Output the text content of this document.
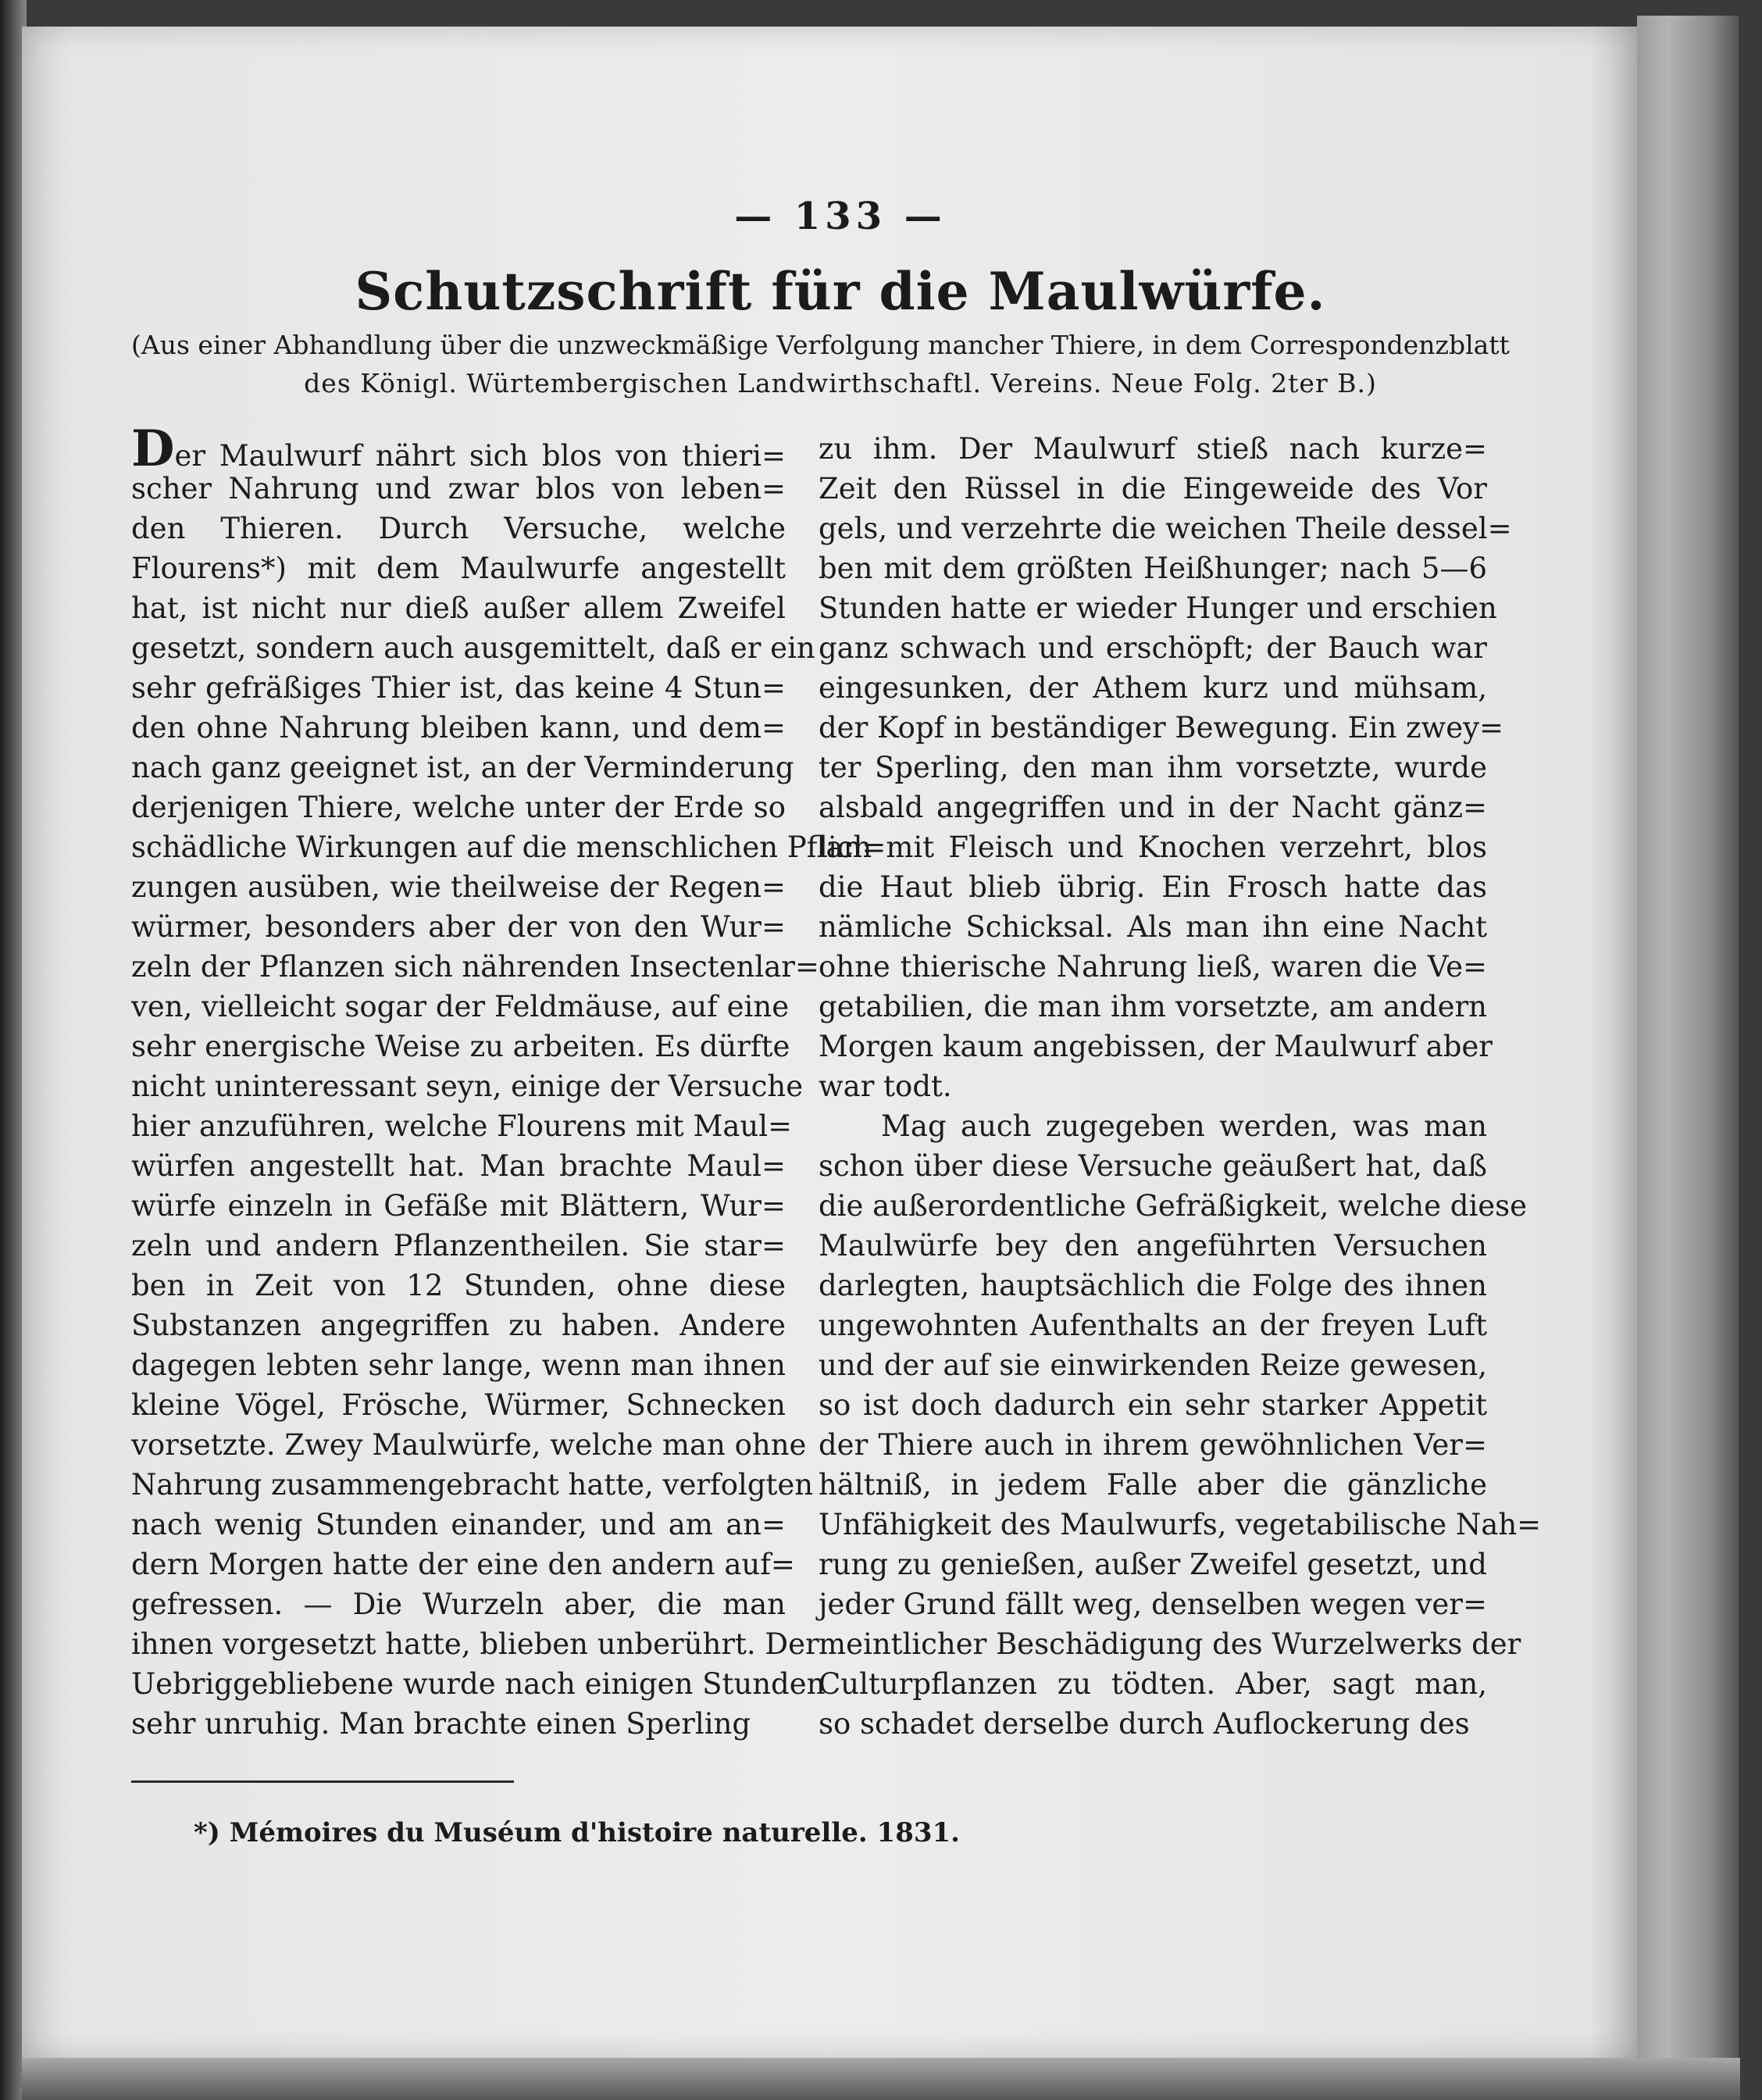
— 133 —

Schutzschrift für die Maulwürfe.

(Aus einer Abhandlung über die unzweckmäßige Verfolgung mancher Thiere, in dem Correspondenzblatt

des Königl. Würtembergischen Landwirthschaftl. Vereins. Neue Folg. 2ter B.)

Der Maulwurf nährt sich blos von thieri=
scher Nahrung und zwar blos von leben=
den Thieren. Durch Versuche, welche
Flourens*) mit dem Maulwurfe angestellt
hat, ist nicht nur dieß außer allem Zweifel
gesetzt, sondern auch ausgemittelt, daß er ein
sehr gefräßiges Thier ist, das keine 4 Stun=
den ohne Nahrung bleiben kann, und dem=
nach ganz geeignet ist, an der Verminderung
derjenigen Thiere, welche unter der Erde so
schädliche Wirkungen auf die menschlichen Pflan=
zungen ausüben, wie theilweise der Regen=
würmer, besonders aber der von den Wur=
zeln der Pflanzen sich nährenden Insectenlar=
ven, vielleicht sogar der Feldmäuse, auf eine
sehr energische Weise zu arbeiten. Es dürfte
nicht uninteressant seyn, einige der Versuche
hier anzuführen, welche Flourens mit Maul=
würfen angestellt hat. Man brachte Maul=
würfe einzeln in Gefäße mit Blättern, Wur=
zeln und andern Pflanzentheilen. Sie star=
ben in Zeit von 12 Stunden, ohne diese
Substanzen angegriffen zu haben. Andere
dagegen lebten sehr lange, wenn man ihnen
kleine Vögel, Frösche, Würmer, Schnecken
vorsetzte. Zwey Maulwürfe, welche man ohne
Nahrung zusammengebracht hatte, verfolgten
nach wenig Stunden einander, und am an=
dern Morgen hatte der eine den andern auf=
gefressen. — Die Wurzeln aber, die man
ihnen vorgesetzt hatte, blieben unberührt. Der
Uebriggebliebene wurde nach einigen Stunden
sehr unruhig. Man brachte einen Sperling
zu ihm. Der Maulwurf stieß nach kurze=
Zeit den Rüssel in die Eingeweide des Vor
gels, und verzehrte die weichen Theile dessel=
ben mit dem größten Heißhunger; nach 5—6
Stunden hatte er wieder Hunger und erschien
ganz schwach und erschöpft; der Bauch war
eingesunken, der Athem kurz und mühsam,
der Kopf in beständiger Bewegung. Ein zwey=
ter Sperling, den man ihm vorsetzte, wurde
alsbald angegriffen und in der Nacht gänz=
lich mit Fleisch und Knochen verzehrt, blos
die Haut blieb übrig. Ein Frosch hatte das
nämliche Schicksal. Als man ihn eine Nacht
ohne thierische Nahrung ließ, waren die Ve=
getabilien, die man ihm vorsetzte, am andern
Morgen kaum angebissen, der Maulwurf aber
war todt.
Mag auch zugegeben werden, was man
schon über diese Versuche geäußert hat, daß
die außerordentliche Gefräßigkeit, welche diese
Maulwürfe bey den angeführten Versuchen
darlegten, hauptsächlich die Folge des ihnen
ungewohnten Aufenthalts an der freyen Luft
und der auf sie einwirkenden Reize gewesen,
so ist doch dadurch ein sehr starker Appetit
der Thiere auch in ihrem gewöhnlichen Ver=
hältniß, in jedem Falle aber die gänzliche
Unfähigkeit des Maulwurfs, vegetabilische Nah=
rung zu genießen, außer Zweifel gesetzt, und
jeder Grund fällt weg, denselben wegen ver=
meintlicher Beschädigung des Wurzelwerks der
Culturpflanzen zu tödten. Aber, sagt man,
so schadet derselbe durch Auflockerung des

*) Mémoires du Muséum d'histoire naturelle. 1831.
